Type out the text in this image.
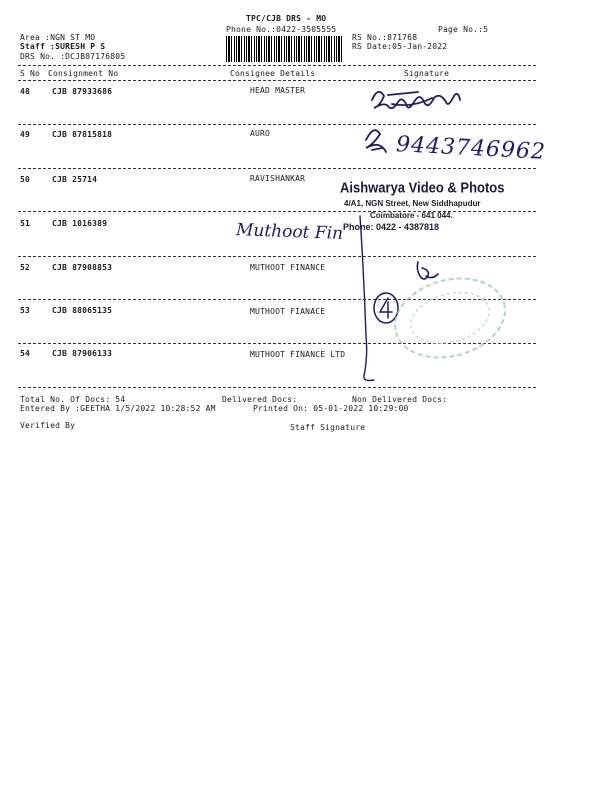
TPC/CJB DRS - MO
Phone No.:0422-3505555	Page No.:5
Area :NGN ST MO
Staff :SURESH P S
DRS No. :DCJB87176805
RS No.:871768
RS Date:05-Jan-2022
S No Consignment No	Consignee Details	Signature
48	CJB 87933686	HEAD MASTER
49	CJB 87815818	AURO
50	CJB 25714	RAVISHANKAR
51	CJB 1016389
52	CJB 87908853	MUTHOOT FINANCE
53	CJB 88065135	MUTHOOT FIANACE
54	CJB 87906133	MUTHOOT FINANCE LTD
Total No. Of Docs: 54	Delivered Docs:	Non Delivered Docs:
Entered By :GEETHA 1/5/2022 10:28:52 AM	Printed On: 05-01-2022 10:29:00
Verified By	Staff Signature
Aishwarya Video & Photos
4/A1, NGN Street, New Siddhapudur
Coimbatore - 641 044.
Phone: 0422 - 4387818
9443746962
Muthoot Fin
